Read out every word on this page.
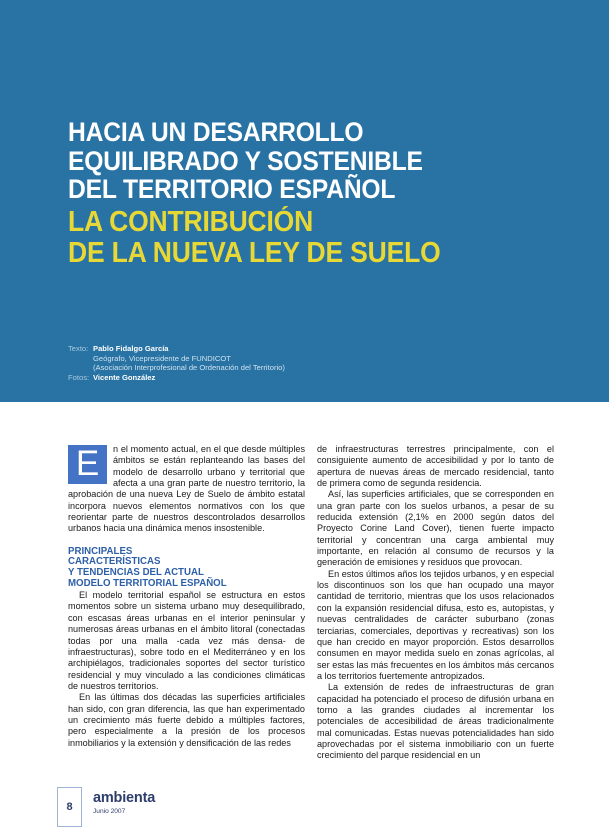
HACIA UN DESARROLLO
EQUILIBRADO Y SOSTENIBLE
DEL TERRITORIO ESPAÑOL
LA CONTRIBUCIÓN
DE LA NUEVA LEY DE SUELO
Texto: Pablo Fidalgo García
Geógrafo, Vicepresidente de FUNDICOT
(Asociación Interprofesional de Ordenación del Territorio)
Fotos: Vicente González
E	n el momento actual, en el que desde múltiples ámbitos se están replanteando las bases del modelo de desarrollo urbano y territorial que afecta a una gran parte de nuestro territorio, la aprobación de una nueva Ley de Suelo de ámbito estatal incorpora nuevos elementos normativos con los que reorientar parte de nuestros descontrolados desarrollos urbanos hacia una dinámica menos insostenible.

PRINCIPALES
CARACTERÍSTICAS
Y TENDENCIAS DEL ACTUAL
MODELO TERRITORIAL ESPAÑOL

El modelo territorial español se estructura en estos momentos sobre un sistema urbano muy desequilibrado, con escasas áreas urbanas en el interior peninsular y numerosas áreas urbanas en el ámbito litoral (conectadas todas por una malla -cada vez más densa- de infraestructuras), sobre todo en el Mediterráneo y en los archipiélagos, tradicionales soportes del sector turístico residencial y muy vinculado a las condiciones climáticas de nuestros territorios.

En las últimas dos décadas las superficies artificiales han sido, con gran diferencia, las que han experimentado un crecimiento más fuerte debido a múltiples factores, pero especialmente a la presión de los procesos inmobiliarios y la extensión y densificación de las redes

de infraestructuras terrestres principalmente, con el consiguiente aumento de accesibilidad y por lo tanto de apertura de nuevas áreas de mercado residencial, tanto de primera como de segunda residencia.

Así, las superficies artificiales, que se corresponden en una gran parte con los suelos urbanos, a pesar de su reducida extensión (2,1% en 2000 según datos del Proyecto Corine Land Cover), tienen fuerte impacto territorial y concentran una carga ambiental muy importante, en relación al consumo de recursos y la generación de emisiones y residuos que provocan.

En estos últimos años los tejidos urbanos, y en especial los discontinuos son los que han ocupado una mayor cantidad de territorio, mientras que los usos relacionados con la expansión residencial difusa, esto es, autopistas, y nuevas centralidades de carácter suburbano (zonas terciarias, comerciales, deportivas y recreativas) son los que han crecido en mayor proporción. Estos desarrollos consumen en mayor medida suelo en zonas agrícolas, al ser estas las más frecuentes en los ámbitos más cercanos a los territorios fuertemente antropizados.

La extensión de redes de infraestructuras de gran capacidad ha potenciado el proceso de difusión urbana en torno a las grandes ciudades al incrementar los potenciales de accesibilidad de áreas tradicionalmente mal comunicadas. Estas nuevas potencialidades han sido aprovechadas por el sistema inmobiliario con un fuerte crecimiento del parque residencial en un

8
ambienta
Junio 2007
